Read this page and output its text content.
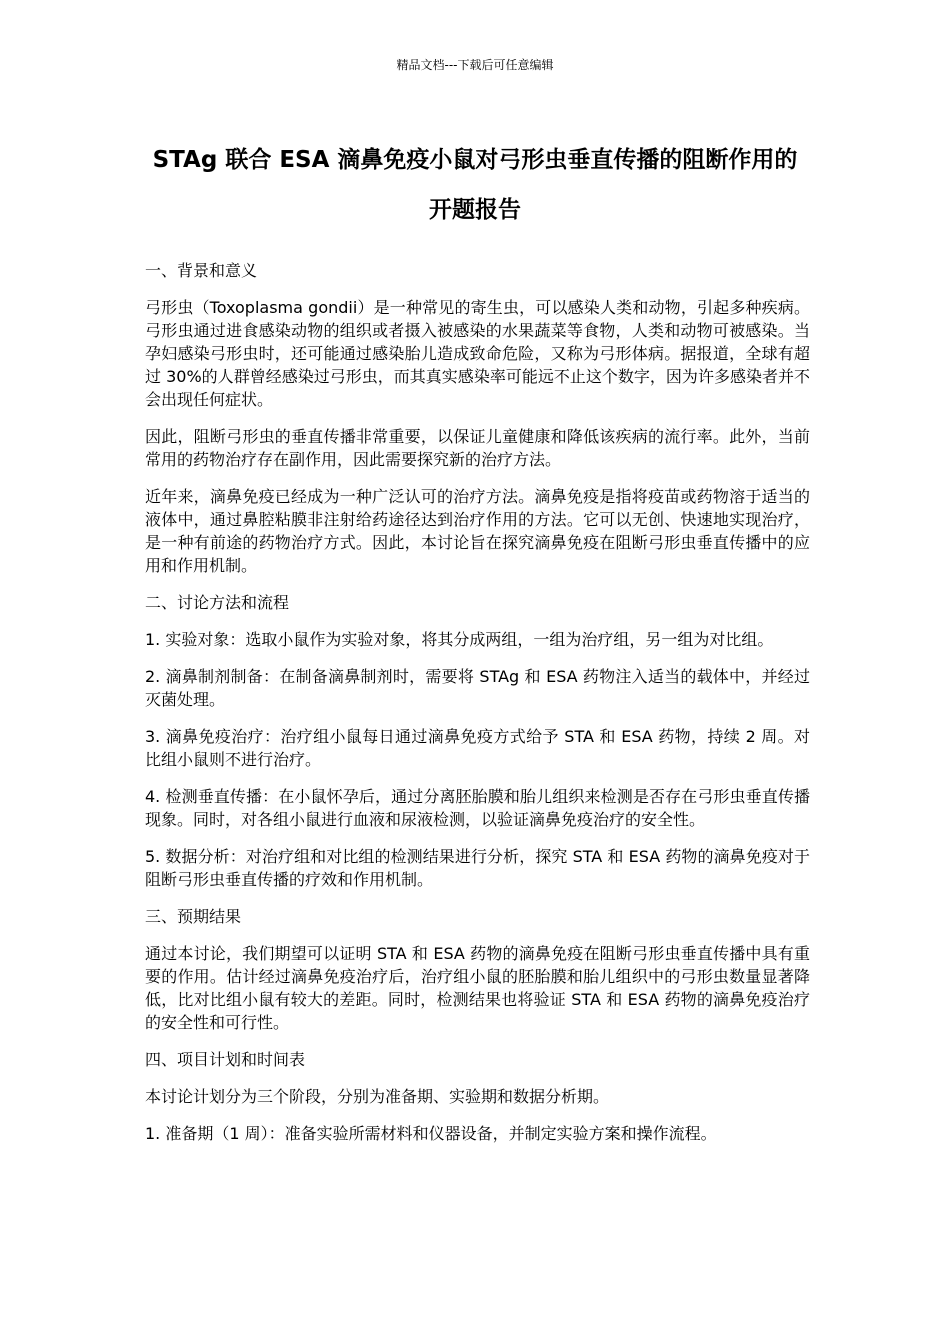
精品文档---下载后可任意编辑
STAg 联合 ESA 滴鼻免疫小鼠对弓形虫垂直传播的阻断作用的开题报告

一、背景和意义

弓形虫（Toxoplasma gondii）是一种常见的寄生虫，可以感染人类和动物，引起多种疾病。弓形虫通过进食感染动物的组织或者摄入被感染的水果蔬菜等食物，人类和动物可被感染。当孕妇感染弓形虫时，还可能通过感染胎儿造成致命危险，又称为弓形体病。据报道，全球有超过 30%的人群曾经感染过弓形虫，而其真实感染率可能远不止这个数字，因为许多感染者并不会出现任何症状。

因此，阻断弓形虫的垂直传播非常重要，以保证儿童健康和降低该疾病的流行率。此外，当前常用的药物治疗存在副作用，因此需要探究新的治疗方法。

近年来，滴鼻免疫已经成为一种广泛认可的治疗方法。滴鼻免疫是指将疫苗或药物溶于适当的液体中，通过鼻腔粘膜非注射给药途径达到治疗作用的方法。它可以无创、快速地实现治疗，是一种有前途的药物治疗方式。因此，本讨论旨在探究滴鼻免疫在阻断弓形虫垂直传播中的应用和作用机制。

二、讨论方法和流程

1. 实验对象：选取小鼠作为实验对象，将其分成两组，一组为治疗组，另一组为对比组。

2. 滴鼻制剂制备：在制备滴鼻制剂时，需要将 STAg 和 ESA 药物注入适当的载体中，并经过灭菌处理。

3. 滴鼻免疫治疗：治疗组小鼠每日通过滴鼻免疫方式给予 STA 和 ESA 药物，持续 2 周。对比组小鼠则不进行治疗。

4. 检测垂直传播：在小鼠怀孕后，通过分离胚胎膜和胎儿组织来检测是否存在弓形虫垂直传播现象。同时，对各组小鼠进行血液和尿液检测，以验证滴鼻免疫治疗的安全性。

5. 数据分析：对治疗组和对比组的检测结果进行分析，探究 STA 和 ESA 药物的滴鼻免疫对于阻断弓形虫垂直传播的疗效和作用机制。

三、预期结果

通过本讨论，我们期望可以证明 STA 和 ESA 药物的滴鼻免疫在阻断弓形虫垂直传播中具有重要的作用。估计经过滴鼻免疫治疗后，治疗组小鼠的胚胎膜和胎儿组织中的弓形虫数量显著降低，比对比组小鼠有较大的差距。同时，检测结果也将验证 STA 和 ESA 药物的滴鼻免疫治疗的安全性和可行性。

四、项目计划和时间表

本讨论计划分为三个阶段，分别为准备期、实验期和数据分析期。

1. 准备期（1 周）：准备实验所需材料和仪器设备，并制定实验方案和操作流程。
